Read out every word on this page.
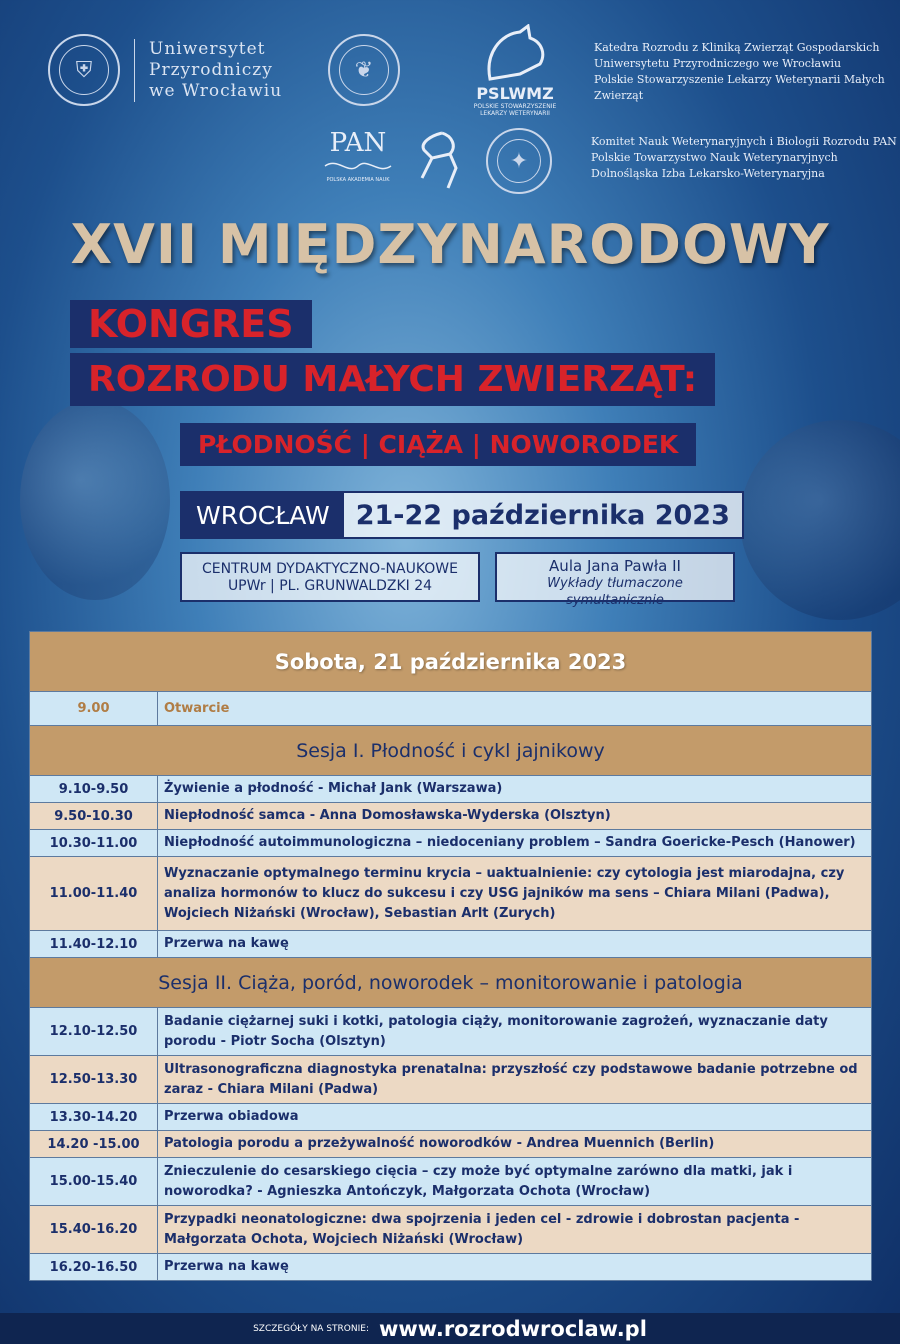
⛨
Uniwersytet
Przyrodniczy
we Wrocławiu
❦
PSLWMZ
POLSKIE STOWARZYSZENIE
LEKARZY WETERYNARII
PAN
POLSKA AKADEMIA NAUK
✦
Katedra Rozrodu z Kliniką Zwierząt Gospodarskich
Uniwersytetu Przyrodniczego we Wrocławiu
Polskie Stowarzyszenie Lekarzy Weterynarii Małych Zwierząt
Komitet Nauk Weterynaryjnych i Biologii Rozrodu PAN
Polskie Towarzystwo Nauk Weterynaryjnych
Dolnośląska Izba Lekarsko-Weterynaryjna
XVII MIĘDZYNARODOWY
KONGRES
ROZRODU MAŁYCH ZWIERZĄT:
PŁODNOŚĆ | CIĄŻA | NOWORODEK
WROCŁAW 21-22 października 2023
CENTRUM DYDAKTYCZNO-NAUKOWE
UPWr | PL. GRUNWALDZKI 24
Aula Jana Pawła II
Wykłady tłumaczone symultanicznie
Sobota, 21 października 2023	
9.00	Otwarcie
Sesja I. Płodność i cykl jajnikowy	
9.10-9.50	Żywienie a płodność - Michał Jank (Warszawa)
9.50-10.30	Niepłodność samca - Anna Domosławska-Wyderska (Olsztyn)
10.30-11.00	Niepłodność autoimmunologiczna – niedoceniany problem – Sandra Goericke-Pesch (Hanower)
11.00-11.40	Wyznaczanie optymalnego terminu krycia – uaktualnienie: czy cytologia jest miarodajna, czy analiza hormonów to klucz do sukcesu i czy USG jajników ma sens – Chiara Milani (Padwa), Wojciech Niżański (Wrocław), Sebastian Arlt (Zurych)
11.40-12.10	Przerwa na kawę
Sesja II. Ciąża, poród, noworodek – monitorowanie i patologia	
12.10-12.50	Badanie ciężarnej suki i kotki, patologia ciąży, monitorowanie zagrożeń, wyznaczanie daty porodu - Piotr Socha (Olsztyn)
12.50-13.30	Ultrasonograficzna diagnostyka prenatalna: przyszłość czy podstawowe badanie potrzebne od zaraz - Chiara Milani (Padwa)
13.30-14.20	Przerwa obiadowa
14.20 -15.00	Patologia porodu a przeżywalność noworodków - Andrea Muennich (Berlin)
15.00-15.40	Znieczulenie do cesarskiego cięcia – czy może być optymalne zarówno dla matki, jak i noworodka? - Agnieszka Antończyk, Małgorzata Ochota (Wrocław)
15.40-16.20	Przypadki neonatologiczne: dwa spojrzenia i jeden cel - zdrowie i dobrostan pacjenta - Małgorzata Ochota, Wojciech Niżański (Wrocław)
16.20-16.50	Przerwa na kawę
SZCZEGÓŁY NA STRONIE: www.rozrodwroclaw.pl
